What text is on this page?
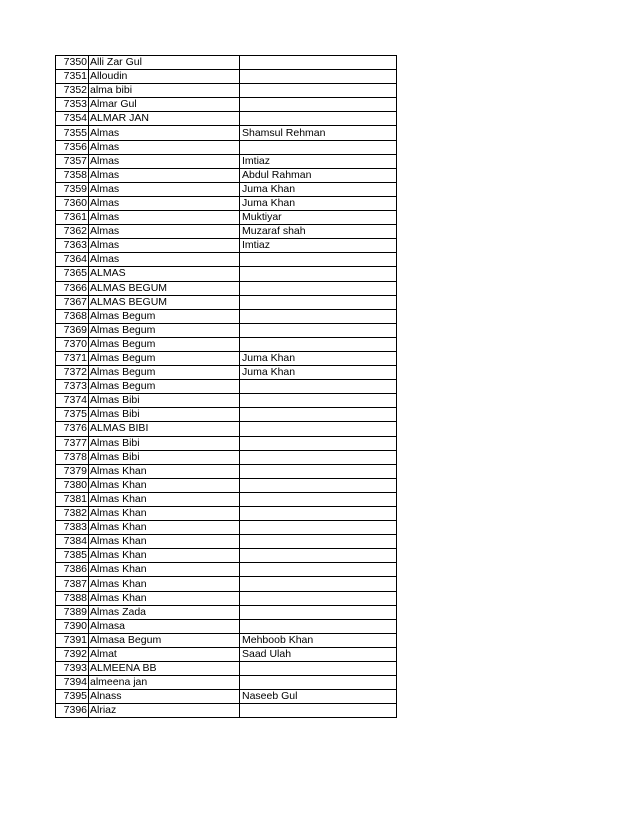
7350	Alli Zar Gul	
7351	Alloudin	
7352	alma bibi	
7353	Almar Gul	
7354	ALMAR JAN	
7355	Almas	Shamsul Rehman
7356	Almas	
7357	Almas	Imtiaz
7358	Almas	Abdul Rahman
7359	Almas	Juma Khan
7360	Almas	Juma Khan
7361	Almas	Muktiyar
7362	Almas	Muzaraf shah
7363	Almas	Imtiaz
7364	Almas	
7365	ALMAS	
7366	ALMAS BEGUM	
7367	ALMAS BEGUM	
7368	Almas Begum	
7369	Almas Begum	
7370	Almas Begum	
7371	Almas Begum	Juma Khan
7372	Almas Begum	Juma Khan
7373	Almas Begum	
7374	Almas Bibi	
7375	Almas Bibi	
7376	ALMAS BIBI	
7377	Almas Bibi	
7378	Almas Bibi	
7379	Almas Khan	
7380	Almas Khan	
7381	Almas Khan	
7382	Almas Khan	
7383	Almas Khan	
7384	Almas Khan	
7385	Almas Khan	
7386	Almas Khan	
7387	Almas Khan	
7388	Almas Khan	
7389	Almas Zada	
7390	Almasa	
7391	Almasa Begum	Mehboob Khan
7392	Almat	Saad Ulah
7393	ALMEENA BB	
7394	almeena jan	
7395	Alnass	Naseeb Gul
7396	Alriaz	
